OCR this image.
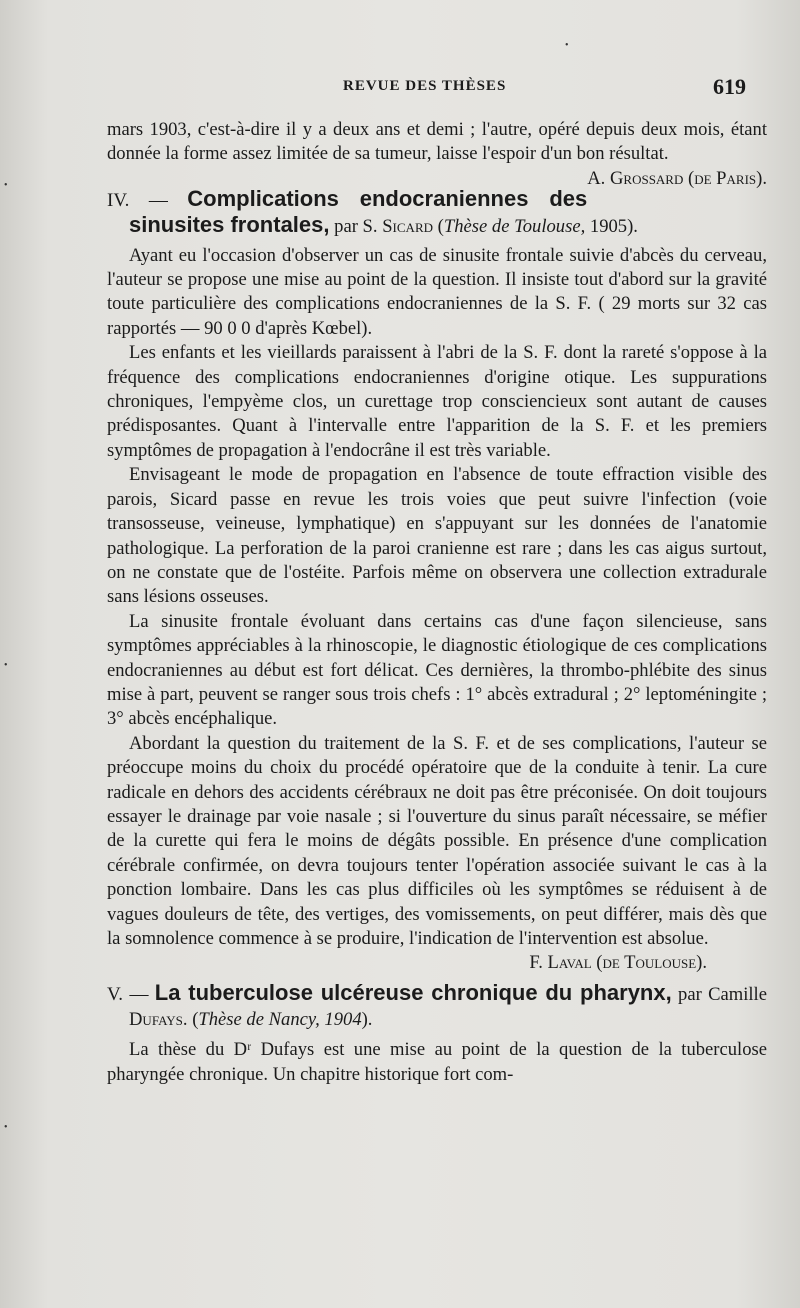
REVUE DES THÈSES	619

mars 1903, c'est-à-dire il y a deux ans et demi ; l'autre, opéré depuis deux mois, étant donnée la forme assez limitée de sa tumeur, laisse l'espoir d'un bon résultat.
A. Grossard (de Paris).

IV. — Complications endocraniennes des sinusites frontales, par S. Sicard (Thèse de Toulouse, 1905).

Ayant eu l'occasion d'observer un cas de sinusite frontale suivie d'abcès du cerveau, l'auteur se propose une mise au point de la question. Il insiste tout d'abord sur la gravité toute particulière des complications endocraniennes de la S. F. ( 29 morts sur 32 cas rapportés — 90 0 0 d'après Kœbel).

Les enfants et les vieillards paraissent à l'abri de la S. F. dont la rareté s'oppose à la fréquence des complications endocraniennes d'origine otique. Les suppurations chroniques, l'empyème clos, un curettage trop consciencieux sont autant de causes prédisposantes. Quant à l'intervalle entre l'apparition de la S. F. et les premiers symptômes de propagation à l'endocrâne il est très variable.

Envisageant le mode de propagation en l'absence de toute effraction visible des parois, Sicard passe en revue les trois voies que peut suivre l'infection (voie transosseuse, veineuse, lymphatique) en s'appuyant sur les données de l'anatomie pathologique. La perforation de la paroi cranienne est rare ; dans les cas aigus surtout, on ne constate que de l'ostéite. Parfois même on observera une collection extradurale sans lésions osseuses.

La sinusite frontale évoluant dans certains cas d'une façon silencieuse, sans symptômes appréciables à la rhinoscopie, le diagnostic étiologique de ces complications endocraniennes au début est fort délicat. Ces dernières, la thrombo-phlébite des sinus mise à part, peuvent se ranger sous trois chefs : 1° abcès extradural ; 2° leptoméningite ; 3° abcès encéphalique.

Abordant la question du traitement de la S. F. et de ses complications, l'auteur se préoccupe moins du choix du procédé opératoire que de la conduite à tenir. La cure radicale en dehors des accidents cérébraux ne doit pas être préconisée. On doit toujours essayer le drainage par voie nasale ; si l'ouverture du sinus paraît nécessaire, se méfier de la curette qui fera le moins de dégâts possible. En présence d'une complication cérébrale confirmée, on devra toujours tenter l'opération associée suivant le cas à la ponction lombaire. Dans les cas plus difficiles où les symptômes se réduisent à de vagues douleurs de tête, des vertiges, des vomissements, on peut différer, mais dès que la somnolence commence à se produire, l'indication de l'intervention est absolue.
F. Laval (de Toulouse).

V. — La tuberculose ulcéreuse chronique du pharynx, par Camille Dufays. (Thèse de Nancy, 1904).

La thèse du Dʳ Dufays est une mise au point de la question de la tuberculose pharyngée chronique. Un chapitre historique fort com-

•
•
•
•
